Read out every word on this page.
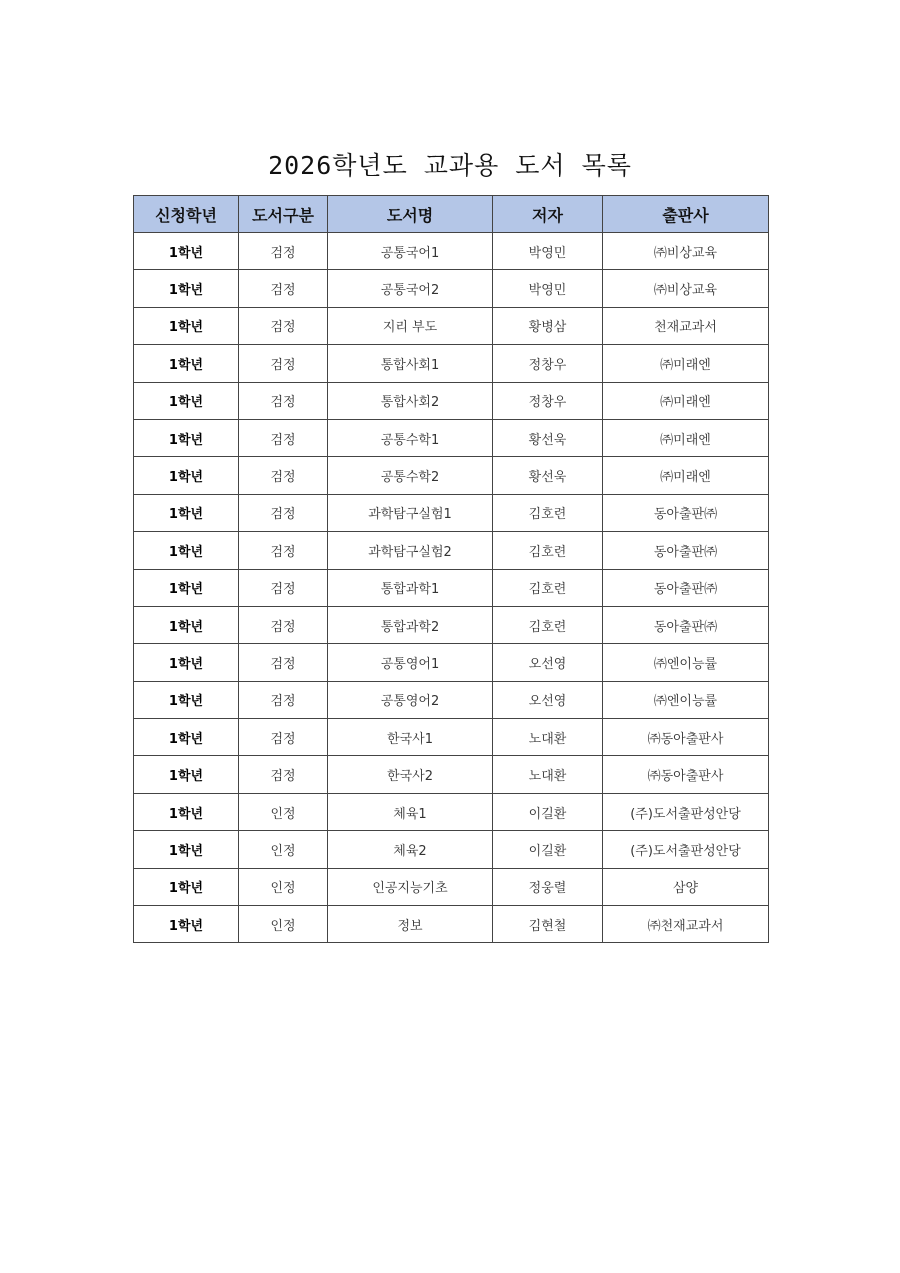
2026학년도 교과용 도서 목록
신청학년	도서구분	도서명	저자	출판사
1학년	검정	공통국어1	박영민	㈜비상교육
1학년	검정	공통국어2	박영민	㈜비상교육
1학년	검정	지리 부도	황병삼	천재교과서
1학년	검정	통합사회1	정창우	㈜미래엔
1학년	검정	통합사회2	정창우	㈜미래엔
1학년	검정	공통수학1	황선욱	㈜미래엔
1학년	검정	공통수학2	황선욱	㈜미래엔
1학년	검정	과학탐구실험1	김호련	동아출판㈜
1학년	검정	과학탐구실험2	김호련	동아출판㈜
1학년	검정	통합과학1	김호련	동아출판㈜
1학년	검정	통합과학2	김호련	동아출판㈜
1학년	검정	공통영어1	오선영	㈜엔이능률
1학년	검정	공통영어2	오선영	㈜엔이능률
1학년	검정	한국사1	노대환	㈜동아출판사
1학년	검정	한국사2	노대환	㈜동아출판사
1학년	인정	체육1	이길환	(주)도서출판성안당
1학년	인정	체육2	이길환	(주)도서출판성안당
1학년	인정	인공지능기초	정웅렬	삼양
1학년	인정	정보	김현철	㈜천재교과서
